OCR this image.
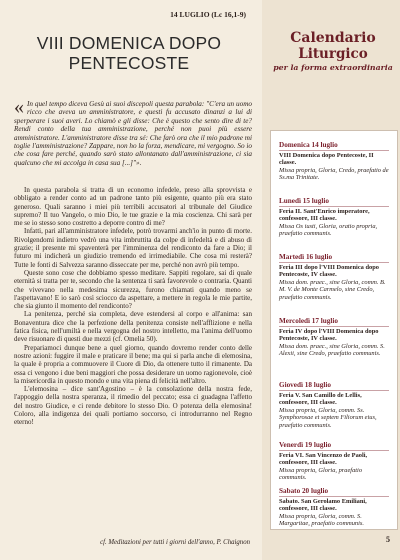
14 LUGLIO (Lc 16,1-9)
VIII DOMENICA DOPO PENTECOSTE
« In quel tempo diceva Gesù ai suoi discepoli questa parabola: "C'era un uomo ricco che aveva un amministratore, e questi fu accusato dinanzi a lui di sperperare i suoi averi. Lo chiamò e gli disse: Che è questo che sento dire di te? Rendi conto della tua amministrazione, perché non puoi più essere amministratore. L'amministratore disse tra sé: Che farò ora che il mio padrone mi toglie l'amministrazione? Zappare, non ho la forza, mendicare, mi vergogno. So io che cosa fare perché, quando sarò stato allontanato dall'amministrazione, ci sia qualcuno che mi accolga in casa sua [...]"».

In questa parabola si tratta di un economo infedele, preso alla sprovvista e obbligato a render conto ad un padrone tanto più esigente, quanto più era stato generoso. Quali saranno i miei più terribili accusatori al tribunale del Giudice supremo? Il tuo Vangelo, o mio Dio, le tue grazie e la mia coscienza. Chi sarà per me se io stesso sono costretto a deporre contro di me?

Infatti, pari all'amministratore infedele, potrò trovarmi anch'io in punto di morte. Rivolgendomi indietro vedrò una vita imbruttita da colpe di infedeltà e di abuso di grazie; il presente mi spaventerà per l'imminenza del rendiconto da fare a Dio; il futuro mi indicherà un giudizio tremendo ed irrimediabile. Che cosa mi resterà? Tutte le fonti di Salvezza saranno disseccate per me, perché non avrò più tempo.

Queste sono cose che dobbiamo spesso meditare. Sappiti regolare, sai di quale eternità si tratta per te, secondo che la sentenza ti sarà favorevole o contraria. Quanti che vivevano nella medesima sicurezza, furono chiamati quando meno se l'aspettavano! E io sarò così sciocco da aspettare, a mettere in regola le mie partite, che sia giunto il momento del rendiconto?

La penitenza, perché sia completa, deve estendersi al corpo e all'anima: san Bonaventura dice che la perfezione della penitenza consiste nell'afflizione e nella fatica fisica, nell'umiltà e nella vergogna del nostro intelletto, ma l'anima dell'uomo deve risuonare di questi due mezzi (cf. Omelia 50).

Prepariamoci dunque bene a quel giorno, quando dovremo render conto delle nostre azioni: fuggire il male e praticare il bene; ma qui si parla anche di elemosina, la quale è propria a commuovere il Cuore di Dio, da ottenere tutto il rimanente. Da essa ci vengono i due beni maggiori che possa desiderare un uomo ragionevole, cioè la misericordia in questo mondo e una vita piena di felicità nell'altro.

L'elemosina – dice sant'Agostino – è la consolazione della nostra fede, l'appoggio della nostra speranza, il rimedio del peccato; essa ci guadagna l'affetto del nostro Giudice, e ci rende debitore lo stesso Dio. O potenza della elemosina! Coloro, alla indigenza dei quali portiamo soccorso, ci introdurranno nel Regno eterno!

cf. Meditazioni per tutti i giorni dell'anno, P. Chaignon
Calendario
Liturgico
per la forma extraordinaria
Domenica 14 luglio
VIII Domenica dopo Pentecoste, II classe.
Missa propria, Gloria, Credo, praefatio de Ss.ma Trinitate.
Lunedì 15 luglio
Feria II. Sant'Enrico imperatore, confessore, III classe.
Missa Os iusti, Gloria, oratio propria, praefatio communis.
Martedì 16 luglio
Feria III dopo l'VIII Domenica dopo Pentecoste, IV classe.
Missa dom. praec., sine Gloria, comm. B. M. V. de Monte Carmelo, sine Credo, praefatio communis.
Mercoledì 17 luglio
Feria IV dopo l'VIII Domenica dopo Pentecoste, IV classe.
Missa dom. praec., sine Gloria, comm. S. Alexii, sine Credo, praefatio communis.
Giovedì 18 luglio
Feria V. San Camillo de Lellis, confessore, III classe.
Missa propria, Gloria, comm. Ss. Symphorosae et septem Filiorum eius, praefatio communis.
Venerdì 19 luglio
Feria VI. San Vincenzo de Paoli, confessore, III classe.
Missa propria, Gloria, praefatio communis.
Sabato 20 luglio
Sabato. San Gerolamo Emiliani, confessore, III classe.
Missa propria, Gloria, comm. S. Margaritae, praefatio communis.
5
